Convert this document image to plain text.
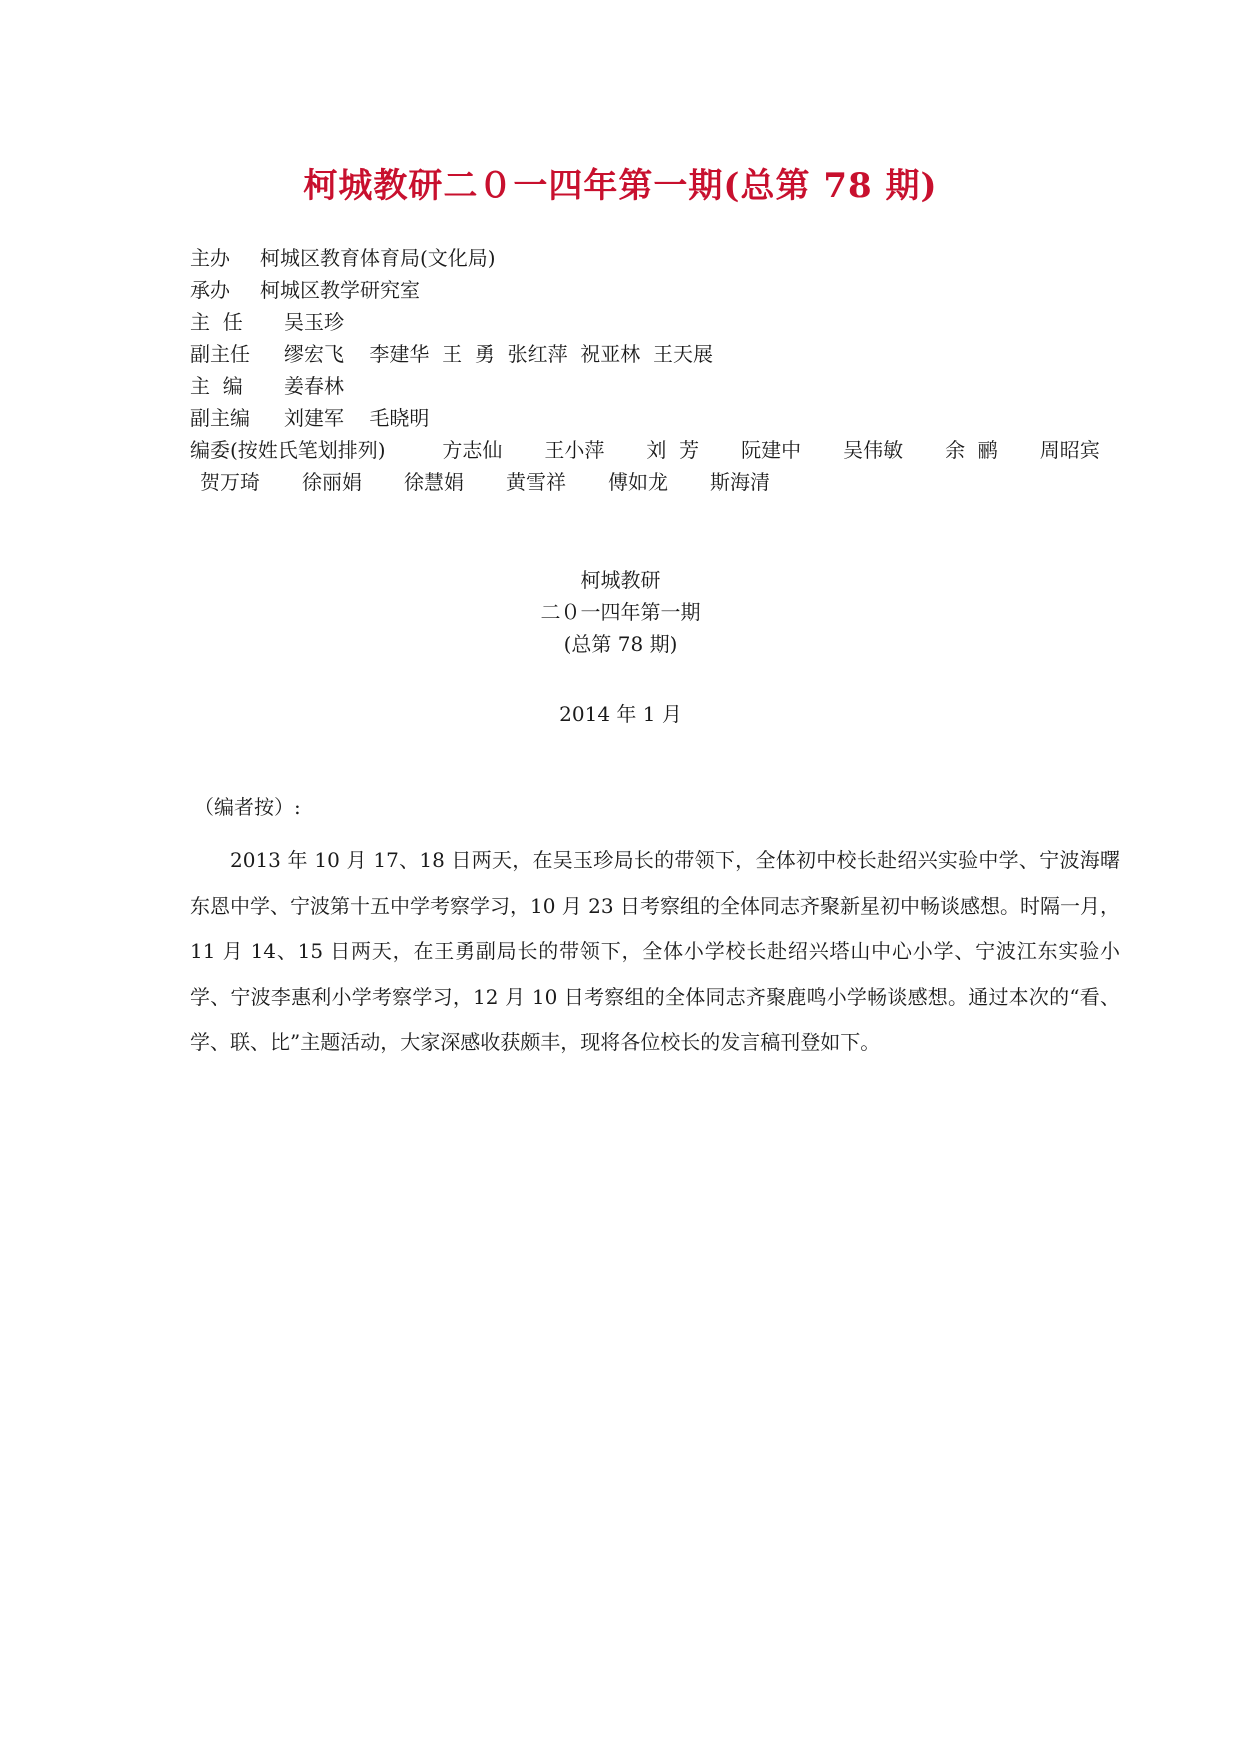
柯城教研二０一四年第一期(总第 78 期)
主办 柯城区教育体育局(文化局)
承办 柯城区教学研究室
主  任 吴玉珍
副主任 缪宏飞    李建华  王  勇  张红萍  祝亚林  王天展
主  编 姜春林
副主编 刘建军    毛晓明
编委(按姓氏笔划排列)	方志仙 王小萍 刘  芳 阮建中 吴伟敏 余  鹂 周昭宾
贺万琦 徐丽娟 徐慧娟 黄雪祥 傅如龙 斯海清
柯城教研
二０一四年第一期
(总第 78 期)
2014 年 1 月
（编者按）:
2013 年 10 月 17、18 日两天，在吴玉珍局长的带领下，全体初中校长赴绍兴实验中学、宁波海曙东恩中学、宁波第十五中学考察学习，10 月 23 日考察组的全体同志齐聚新星初中畅谈感想。时隔一月，11 月 14、15 日两天，在王勇副局长的带领下，全体小学校长赴绍兴塔山中心小学、宁波江东实验小学、宁波李惠利小学考察学习，12 月 10 日考察组的全体同志齐聚鹿鸣小学畅谈感想。通过本次的“看、学、联、比”主题活动，大家深感收获颇丰，现将各位校长的发言稿刊登如下。
